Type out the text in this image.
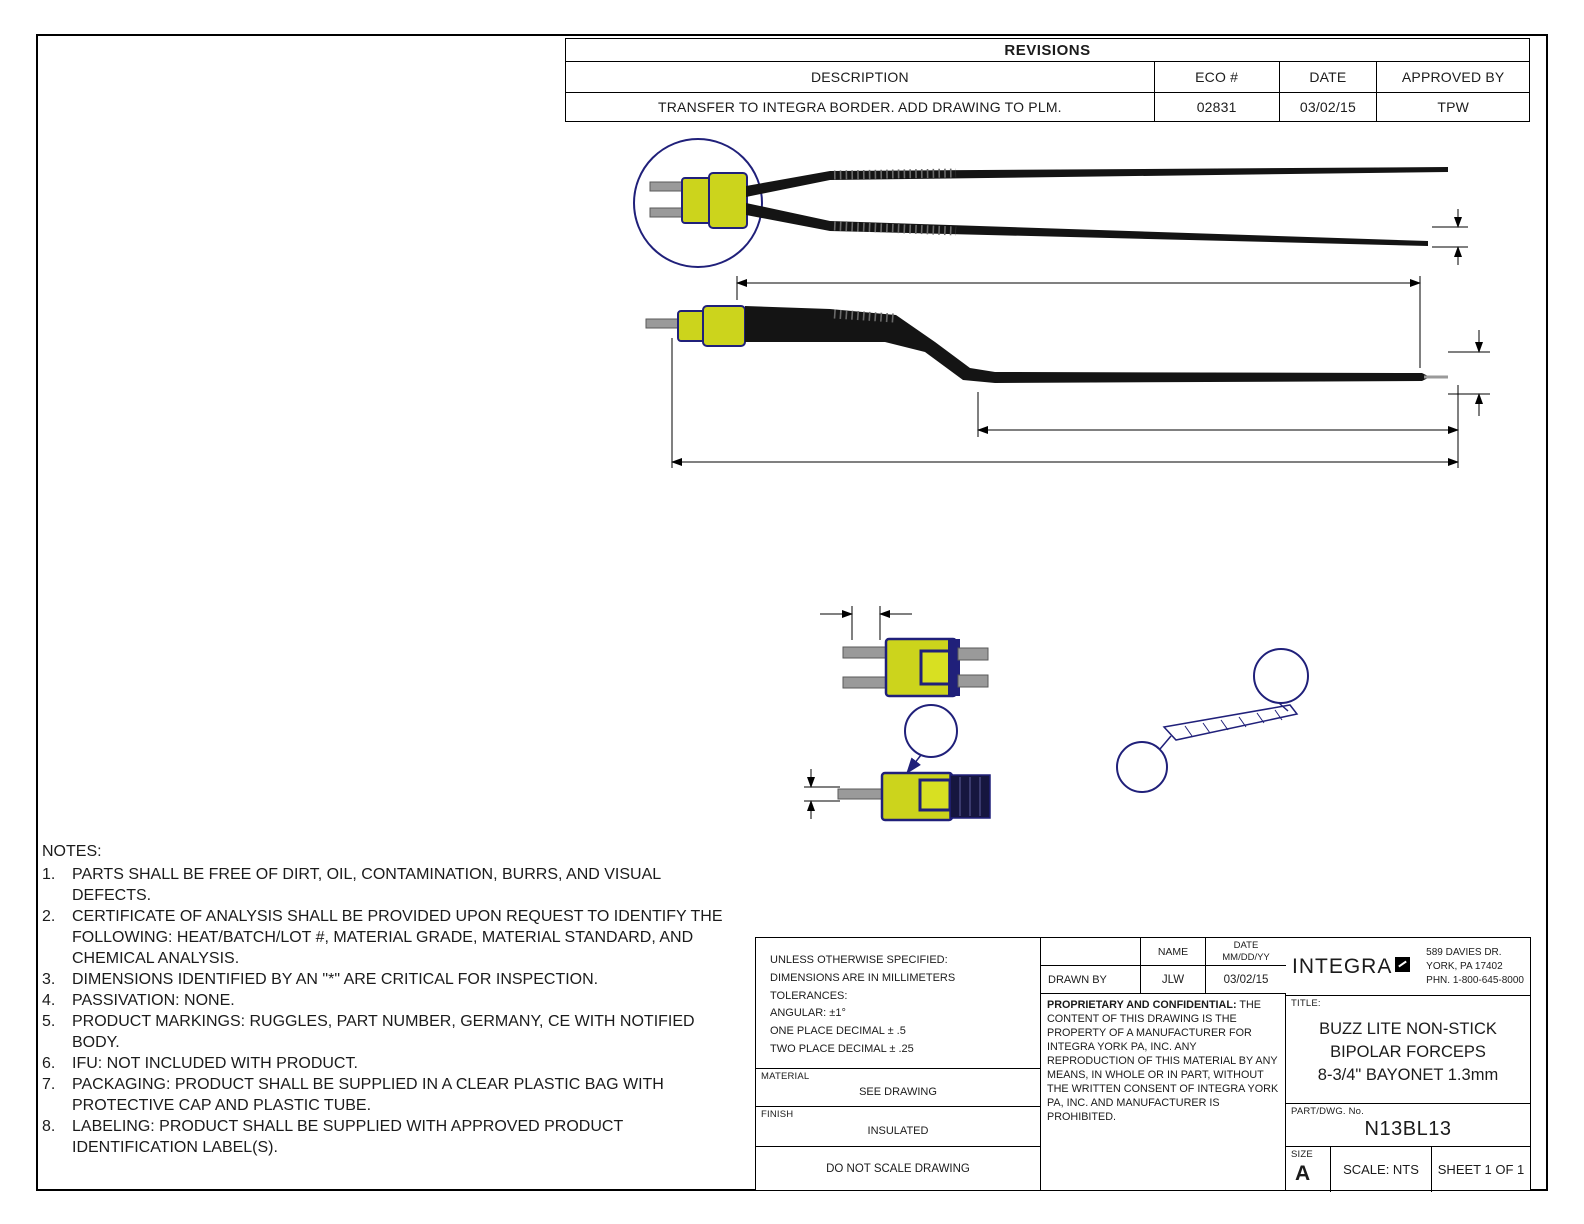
REVISIONS
DESCRIPTION	ECO #	DATE	APPROVED BY
TRANSFER TO INTEGRA BORDER. ADD DRAWING TO PLM.	02831	03/02/15	TPW
NOTES:
1.	PARTS SHALL BE FREE OF DIRT, OIL, CONTAMINATION, BURRS, AND VISUAL DEFECTS.
2.	CERTIFICATE OF ANALYSIS SHALL BE PROVIDED UPON REQUEST TO IDENTIFY THE FOLLOWING: HEAT/BATCH/LOT #, MATERIAL GRADE, MATERIAL STANDARD, AND CHEMICAL ANALYSIS.
3.	DIMENSIONS IDENTIFIED BY AN "*" ARE CRITICAL FOR INSPECTION.
4.	PASSIVATION: NONE.
5.	PRODUCT MARKINGS: RUGGLES, PART NUMBER, GERMANY, CE WITH NOTIFIED BODY.
6.	IFU: NOT INCLUDED WITH PRODUCT.
7.	PACKAGING: PRODUCT SHALL BE SUPPLIED IN A CLEAR PLASTIC BAG WITH PROTECTIVE CAP AND PLASTIC TUBE.
8.	LABELING: PRODUCT SHALL BE SUPPLIED WITH APPROVED PRODUCT IDENTIFICATION LABEL(S).
UNLESS OTHERWISE SPECIFIED:
DIMENSIONS ARE IN MILLIMETERS
TOLERANCES:
ANGULAR: ±1°
ONE PLACE DECIMAL ± .5
TWO PLACE DECIMAL ± .25
MATERIAL
SEE DRAWING
FINISH
INSULATED
DO NOT SCALE DRAWING
NAME	DATE
MM/DD/YY
DRAWN BY	JLW	03/02/15
PROPRIETARY AND CONFIDENTIAL: THE CONTENT OF THIS DRAWING IS THE PROPERTY OF A MANUFACTURER FOR INTEGRA YORK PA, INC. ANY REPRODUCTION OF THIS MATERIAL BY ANY MEANS, IN WHOLE OR IN PART, WITHOUT THE WRITTEN CONSENT OF INTEGRA YORK PA, INC. AND MANUFACTURER IS PROHIBITED.
INTEGRA
589 DAVIES DR.
YORK, PA 17402
PHN. 1-800-645-8000
TITLE:
BUZZ LITE NON-STICK
BIPOLAR FORCEPS
8-3/4" BAYONET 1.3mm
PART/DWG. No.
N13BL13
SIZE
A	SCALE: NTS	SHEET 1 OF 1
